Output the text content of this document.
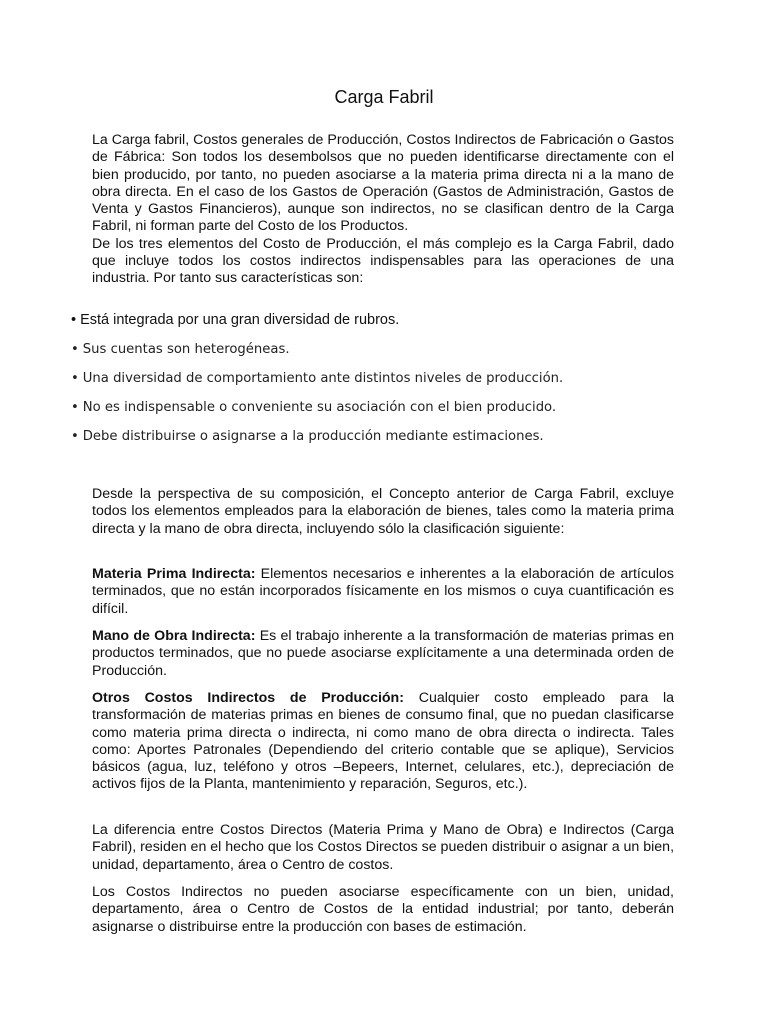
Carga Fabril

La Carga fabril, Costos generales de Producción, Costos Indirectos de Fabricación o Gastos de Fábrica: Son todos los desembolsos que no pueden identificarse directamente con el bien producido, por tanto, no pueden asociarse a la materia prima directa ni a la mano de obra directa. En el caso de los Gastos de Operación (Gastos de Administración, Gastos de Venta y Gastos Financieros), aunque son indirectos, no se clasifican dentro de la Carga Fabril, ni forman parte del Costo de los Productos.

De los tres elementos del Costo de Producción, el más complejo es la Carga Fabril, dado que incluye todos los costos indirectos indispensables para las operaciones de una industria. Por tanto sus características son:

• Está integrada por una gran diversidad de rubros.
• Sus cuentas son heterogéneas.
• Una diversidad de comportamiento ante distintos niveles de producción.
• No es indispensable o conveniente su asociación con el bien producido.
• Debe distribuirse o asignarse a la producción mediante estimaciones.

Desde la perspectiva de su composición, el Concepto anterior de Carga Fabril, excluye todos los elementos empleados para la elaboración de bienes, tales como la materia prima directa y la mano de obra directa, incluyendo sólo la clasificación siguiente:

Materia Prima Indirecta: Elementos necesarios e inherentes a la elaboración de artículos terminados, que no están incorporados físicamente en los mismos o cuya cuantificación es difícil.

Mano de Obra Indirecta: Es el trabajo inherente a la transformación de materias primas en productos terminados, que no puede asociarse explícitamente a una determinada orden de Producción.

Otros Costos Indirectos de Producción: Cualquier costo empleado para la transformación de materias primas en bienes de consumo final, que no puedan clasificarse como materia prima directa o indirecta, ni como mano de obra directa o indirecta. Tales como: Aportes Patronales (Dependiendo del criterio contable que se aplique), Servicios básicos (agua, luz, teléfono y otros –Bepeers, Internet, celulares, etc.), depreciación de activos fijos de la Planta, mantenimiento y reparación, Seguros, etc.).

La diferencia entre Costos Directos (Materia Prima y Mano de Obra) e Indirectos (Carga Fabril), residen en el hecho que los Costos Directos se pueden distribuir o asignar a un bien, unidad, departamento, área o Centro de costos.

Los Costos Indirectos no pueden asociarse específicamente con un bien, unidad, departamento, área o Centro de Costos de la entidad industrial; por tanto, deberán asignarse o distribuirse entre la producción con bases de estimación.
